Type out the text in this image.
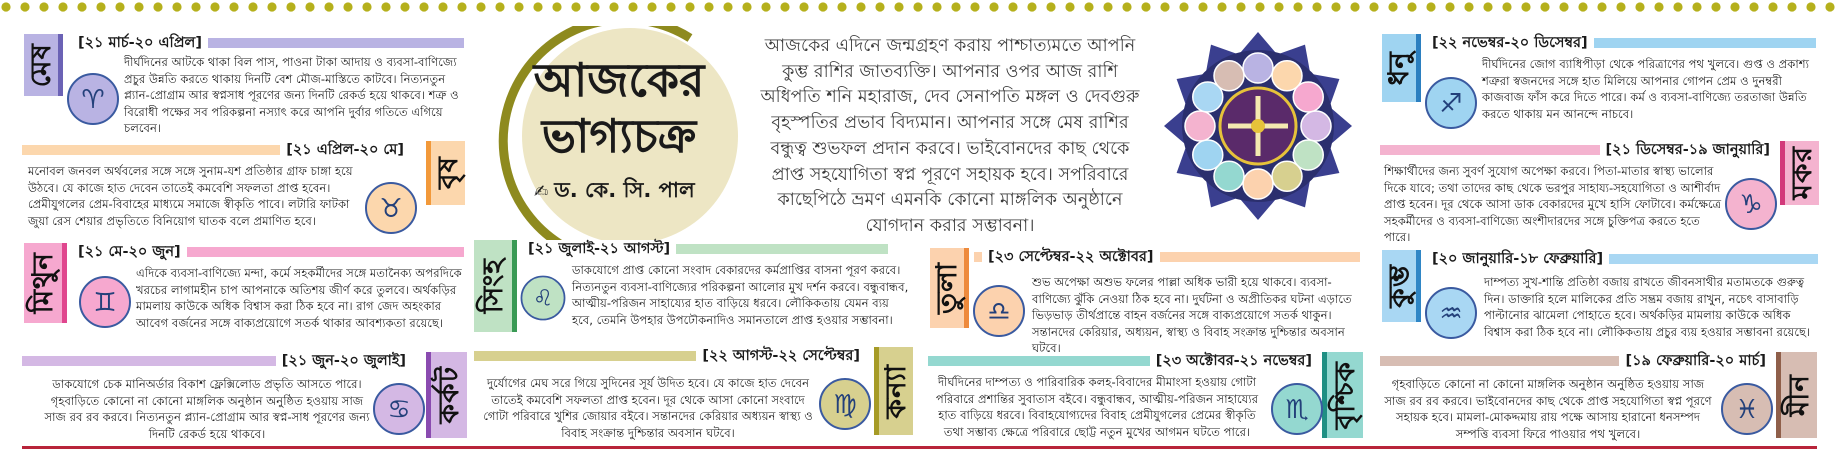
মেষ	[২১ মার্চ-২০ এপ্রিল]
♈
দীর্ঘদিনের আটকে থাকা বিল পাস, পাওনা টাকা আদায় ও ব্যবসা-বাণিজ্যে প্রচুর উন্নতি করতে থাকায় দিনটি বেশ মৌজ-মাস্তিতে কাটবে। নিত্যনতুন প্ল্যান-প্রোগ্রাম আর স্বপ্নসাধ পূরণের জন্য দিনটি রেকর্ড হয়ে থাকবে। শত্রু ও বিরোধী পক্ষের সব পরিকল্পনা নস্যাৎ করে আপনি দুর্বার গতিতে এগিয়ে চলবেন।
[২১ এপ্রিল-২০ মে]
বৃষ
মনোবল জনবল অর্থবলের সঙ্গে সঙ্গে সুনাম-যশ প্রতিষ্ঠার গ্রাফ চাঙ্গা হয়ে উঠবে। যে কাজে হাত দেবেন তাতেই কমবেশি সফলতা প্রাপ্ত হবেন। প্রেমীযুগলের প্রেম-বিবাহের মাধ্যমে সমাজে স্বীকৃতি পাবে। লটারি ফাটকা জুয়া রেস শেয়ার প্রভৃতিতে বিনিয়োগ ঘাতক বলে প্রমাণিত হবে।	♉
মিথুন
[২১ মে-২০ জুন]
♊
এদিকে ব্যবসা-বাণিজ্যে মন্দা, কর্মে সহকর্মীদের সঙ্গে মতানৈক্য অপরদিকে খরচের লাগামহীন চাপ আপনাকে অতিশয় জীর্ণ করে তুলবে। অর্থকড়ির মামলায় কাউকে অধিক বিশ্বাস করা ঠিক হবে না। রাগ জেদ অহংকার আবেগ বর্জনের সঙ্গে বাক্যপ্রয়োগে সতর্ক থাকার আবশ্যকতা রয়েছে।
[২১ জুন-২০ জুলাই]
কর্কট
ডাকযোগে চেক মানিঅর্ডার বিকাশ ফ্লেক্সিলোড প্রভৃতি আসতে পারে। গৃহবাড়িতে কোনো না কোনো মাঙ্গলিক অনুষ্ঠান অনুষ্ঠিত হওয়ায় সাজ সাজ রব রব করবে। নিত্যনতুন প্ল্যান-প্রোগ্রাম আর স্বপ্ন-সাধ পূরণের জন্য দিনটি রেকর্ড হয়ে থাকবে।
♋
আজকের
ভাগ্যচক্র
✍ ড. কে. সি. পাল
আজকের এদিনে জন্মগ্রহণ করায় পাশ্চাত্যমতে আপনি কুম্ভ রাশির জাতব্যক্তি। আপনার ওপর আজ রাশি অধিপতি শনি মহারাজ, দেব সেনাপতি মঙ্গল ও দেবগুরু বৃহস্পতির প্রভাব বিদ্যমান। আপনার সঙ্গে মেষ রাশির বন্ধুত্ব শুভফল প্রদান করবে। ভাইবোনদের কাছ থেকে প্রাপ্ত সহযোগিতা স্বপ্ন পূরণে সহায়ক হবে। সপরিবারে কাছেপিঠে ভ্রমণ এমনকি কোনো মাঙ্গলিক অনুষ্ঠানে যোগদান করার সম্ভাবনা।
সিংহ
[২১ জুলাই-২১ আগস্ট]
♌
ডাকযোগে প্রাপ্ত কোনো সংবাদ বেকারদের কর্মপ্রাপ্তির বাসনা পূরণ করবে। নিত্যনতুন ব্যবসা-বাণিজ্যের পরিকল্পনা আলোর মুখ দর্শন করবে। বন্ধুবান্ধব, আত্মীয়-পরিজন সাহায্যের হাত বাড়িয়ে ধরবে। লৌকিকতায় যেমন ব্যয় হবে, তেমনি উপহার উপঢৌকনাদিও সমানতালে প্রাপ্ত হওয়ার সম্ভাবনা।
[২২ আগস্ট-২২ সেপ্টেম্বর]
কন্যা
দুর্যোগের মেঘ সরে গিয়ে সুদিনের সূর্য উদিত হবে। যে কাজে হাত দেবেন তাতেই কমবেশি সফলতা প্রাপ্ত হবেন। দূর থেকে আসা কোনো সংবাদে গোটা পরিবারে খুশির জোয়ার বইবে। সন্তানদের কেরিয়ার অধ্যয়ন স্বাস্থ্য ও বিবাহ সংক্রান্ত দুশ্চিন্তার অবসান ঘটবে।
♍
তুলা
[২৩ সেপ্টেম্বর-২২ অক্টোবর]
♎
শুভ অপেক্ষা অশুভ ফলের পাল্লা অধিক ভারী হয়ে থাকবে। ব্যবসা-বাণিজ্যে ঝুঁকি নেওয়া ঠিক হবে না। দুর্ঘটনা ও অপ্রীতিকর ঘটনা এড়াতে ভিড়ভাড় তীর্থপ্রান্তে বাহন বর্জনের সঙ্গে বাক্যপ্রয়োগে সতর্ক থাকুন। সন্তানদের কেরিয়ার, অধ্যয়ন, স্বাস্থ্য ও বিবাহ সংক্রান্ত দুশ্চিন্তার অবসান ঘটবে।
[২৩ অক্টোবর-২১ নভেম্বর] বৃশ্চিক
দীর্ঘদিনের দাম্পত্য ও পারিবারিক কলহ-বিবাদের মীমাংসা হওয়ায় গোটা পরিবারে প্রশান্তির সুবাতাস বইবে। বন্ধুবান্ধব, আত্মীয়-পরিজন সাহায্যের হাত বাড়িয়ে ধরবে। বিবাহযোগ্যদের বিবাহ প্রেমীযুগলের প্রেমের স্বীকৃতি তথা সম্ভাব্য ক্ষেত্রে পরিবারে ছোট্ট নতুন মুখের আগমন ঘটতে পারে।
♏
ধনু
[২২ নভেম্বর-২০ ডিসেম্বর]
♐
দীর্ঘদিনের জোগ ব্যাধিপীড়া থেকে পরিত্রাণের পথ খুলবে। গুপ্ত ও প্রকাশ্য শত্রুরা স্বজনদের সঙ্গে হাত মিলিয়ে আপনার গোপন প্রেম ও দুনম্বরী কাজবাজ ফাঁস করে দিতে পারে। কর্ম ও ব্যবসা-বাণিজ্যে তরতাজা উন্নতি করতে থাকায় মন আনন্দে নাচবে।
[২১ ডিসেম্বর-১৯ জানুয়ারি] মকর
শিক্ষার্থীদের জন্য সুবর্ণ সুযোগ অপেক্ষা করবে। পিতা-মাতার স্বাস্থ্য ভালোর দিকে যাবে; তথা তাদের কাছ থেকে ভরপুর সাহায্য-সহযোগিতা ও আশীর্বাদ প্রাপ্ত হবেন। দূর থেকে আসা ডাক বেকারদের মুখে হাসি ফোটাবে। কর্মক্ষেত্রে সহকর্মীদের ও ব্যবসা-বাণিজ্যে অংশীদারদের সঙ্গে চুক্তিপত্র করতে হতে পারে।
♑
কুম্ভ
[২০ জানুয়ারি-১৮ ফেব্রুয়ারি]
♒
দাম্পত্য সুখ-শান্তি প্রতিষ্ঠা বজায় রাখতে জীবনসাথীর মতামতকে গুরুত্ব দিন। ডাক্তারি হলে মালিকের প্রতি সম্ভ্রম বজায় রাখুন, নচেৎ বাসাবাড়ি পাল্টানোর ঝামেলা পোহাতে হবে। অর্থকড়ির মামলায় কাউকে অধিক বিশ্বাস করা ঠিক হবে না। লৌকিকতায় প্রচুর ব্যয় হওয়ার সম্ভাবনা রয়েছে।
[১৯ ফেব্রুয়ারি-২০ মার্চ]
মীন
গৃহবাড়িতে কোনো না কোনো মাঙ্গলিক অনুষ্ঠান অনুষ্ঠিত হওয়ায় সাজ সাজ রব রব করবে। ভাইবোনদের কাছ থেকে প্রাপ্ত সহযোগিতা স্বপ্ন পূরণে সহায়ক হবে। মামলা-মোকদ্দমায় রায় পক্ষে আসায় হারানো ধনসম্পদ সম্পত্তি ব্যবসা ফিরে পাওয়ার পথ খুলবে।
♓
